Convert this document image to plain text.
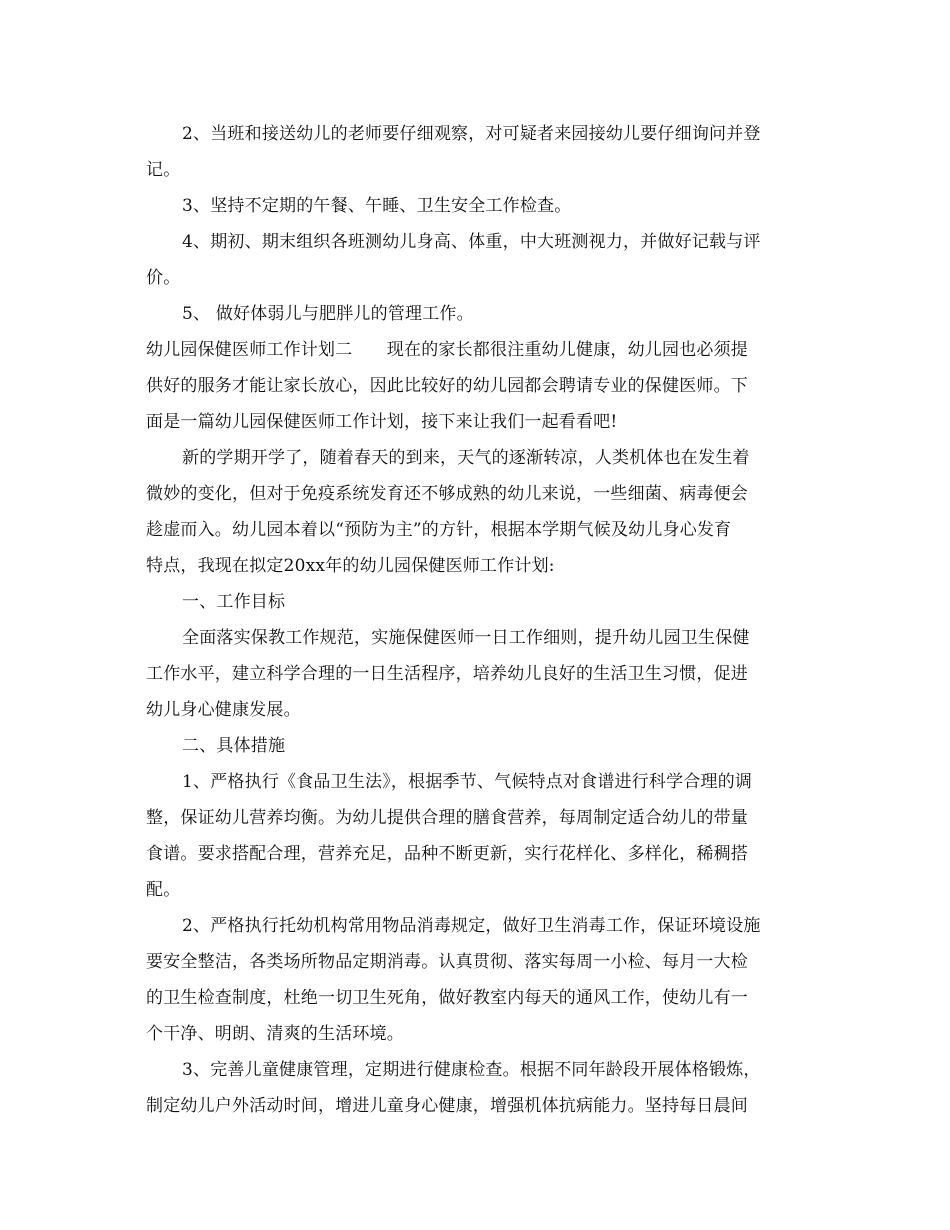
2、当班和接送幼儿的老师要仔细观察，对可疑者来园接幼儿要仔细询问并登
记。
3、坚持不定期的午餐、午睡、卫生安全工作检查。
4、期初、期末组织各班测幼儿身高、体重，中大班测视力，并做好记载与评
价。
5、 做好体弱儿与肥胖儿的管理工作。
幼儿园保健医师工作计划二　　现在的家长都很注重幼儿健康，幼儿园也必须提
供好的服务才能让家长放心，因此比较好的幼儿园都会聘请专业的保健医师。下
面是一篇幼儿园保健医师工作计划，接下来让我们一起看看吧!
新的学期开学了，随着春天的到来，天气的逐渐转凉，人类机体也在发生着
微妙的变化，但对于免疫系统发育还不够成熟的幼儿来说，一些细菌、病毒便会
趁虚而入。幼儿园本着以“预防为主”的方针，根据本学期气候及幼儿身心发育
特点，我现在拟定20xx年的幼儿园保健医师工作计划:
一、工作目标
全面落实保教工作规范，实施保健医师一日工作细则，提升幼儿园卫生保健
工作水平，建立科学合理的一日生活程序，培养幼儿良好的生活卫生习惯，促进
幼儿身心健康发展。
二、具体措施
1、严格执行《食品卫生法》，根据季节、气候特点对食谱进行科学合理的调
整，保证幼儿营养均衡。为幼儿提供合理的膳食营养，每周制定适合幼儿的带量
食谱。要求搭配合理，营养充足，品种不断更新，实行花样化、多样化，稀稠搭
配。
2、严格执行托幼机构常用物品消毒规定，做好卫生消毒工作，保证环境设施
要安全整洁，各类场所物品定期消毒。认真贯彻、落实每周一小检、每月一大检
的卫生检查制度，杜绝一切卫生死角，做好教室内每天的通风工作，使幼儿有一
个干净、明朗、清爽的生活环境。
3、完善儿童健康管理，定期进行健康检查。根据不同年龄段开展体格锻炼，
制定幼儿户外活动时间，增进儿童身心健康，增强机体抗病能力。坚持每日晨间
